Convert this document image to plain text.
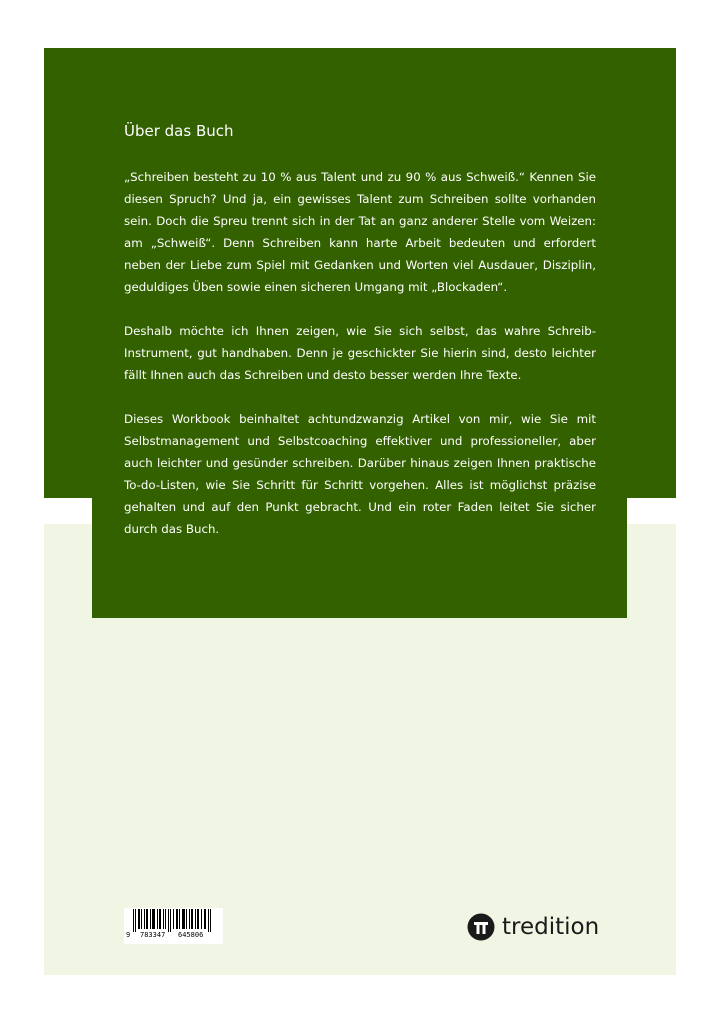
Über das Buch

„Schreiben besteht zu 10 % aus Talent und zu 90 % aus Schweiß.“ Kennen Sie diesen Spruch? Und ja, ein gewisses Talent zum Schreiben sollte vorhanden sein. Doch die Spreu trennt sich in der Tat an ganz anderer Stelle vom Weizen: am „Schweiß“. Denn Schreiben kann harte Arbeit bedeuten und erfordert neben der Liebe zum Spiel mit Gedanken und Worten viel Ausdauer, Disziplin, geduldiges Üben sowie einen sicheren Umgang mit „Blockaden“.

Deshalb möchte ich Ihnen zeigen, wie Sie sich selbst, das wahre Schreib-Instrument, gut handhaben. Denn je geschickter Sie hierin sind, desto leichter fällt Ihnen auch das Schreiben und desto besser werden Ihre Texte.

Dieses Workbook beinhaltet achtundzwanzig Artikel von mir, wie Sie mit Selbstmanagement und Selbstcoaching effektiver und professioneller, aber auch leichter und gesünder schreiben. Darüber hinaus zeigen Ihnen praktische To-do-Listen, wie Sie Schritt für Schritt vorgehen. Alles ist möglichst präzise gehalten und auf den Punkt gebracht. Und ein roter Faden leitet Sie sicher durch das Buch.

9

783347

645806

	tredition
